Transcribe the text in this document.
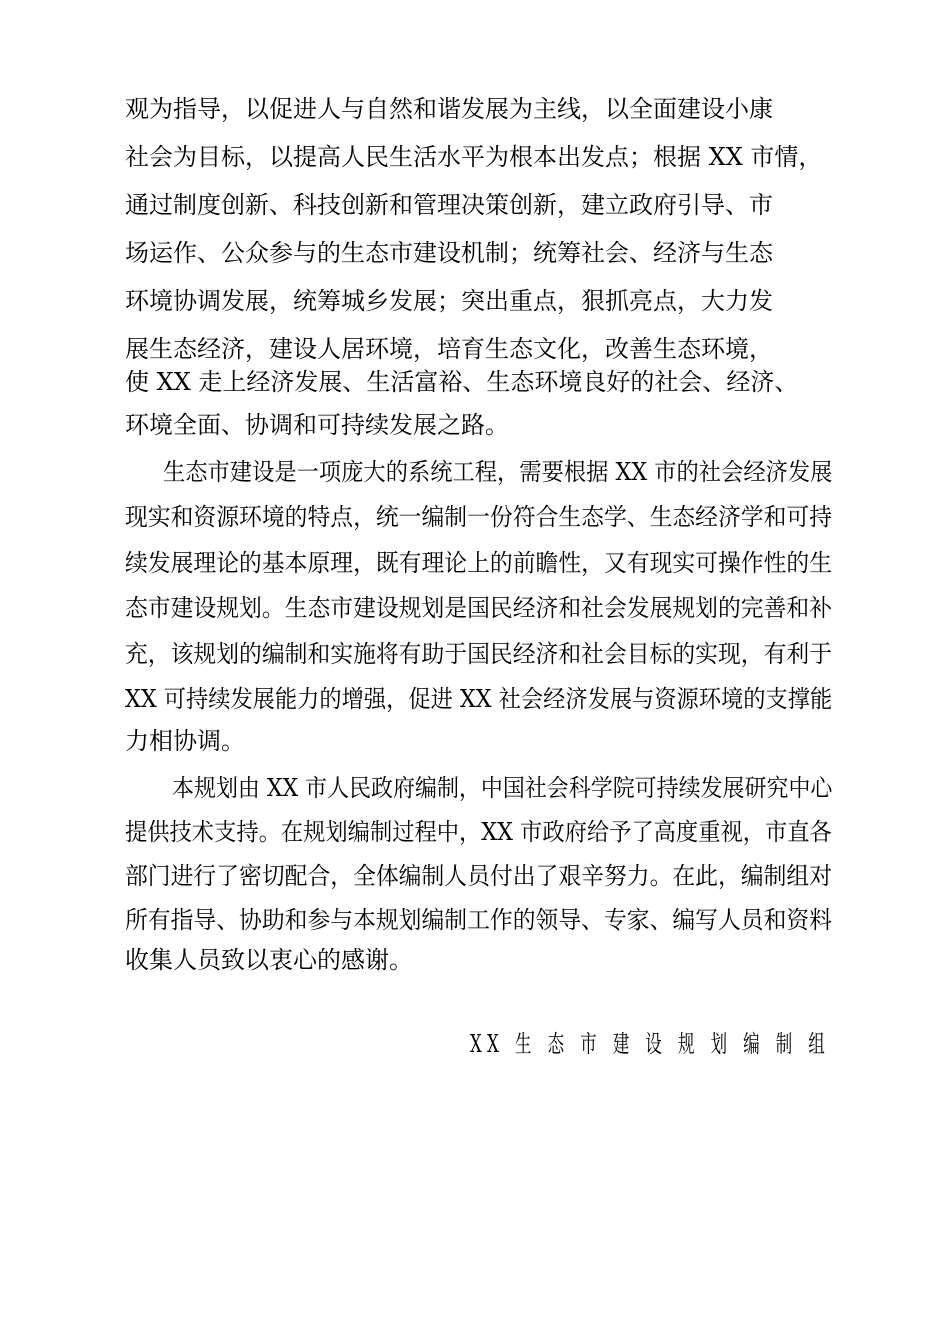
观为指导，以促进人与自然和谐发展为主线，以全面建设小康
社会为目标，以提高人民生活水平为根本出发点；根据 XX 市情，
通过制度创新、科技创新和管理决策创新，建立政府引导、市
场运作、公众参与的生态市建设机制；统筹社会、经济与生态
环境协调发展，统筹城乡发展；突出重点，狠抓亮点，大力发
展生态经济，建设人居环境，培育生态文化，改善生态环境，
使 XX 走上经济发展、生活富裕、生态环境良好的社会、经济、
环境全面、协调和可持续发展之路。
生态市建设是一项庞大的系统工程，需要根据 XX 市的社会经济发展
现实和资源环境的特点，统一编制一份符合生态学、生态经济学和可持
续发展理论的基本原理，既有理论上的前瞻性，又有现实可操作性的生
态市建设规划。生态市建设规划是国民经济和社会发展规划的完善和补
充，该规划的编制和实施将有助于国民经济和社会目标的实现，有利于
XX 可持续发展能力的增强，促进 XX 社会经济发展与资源环境的支撑能
力相协调。
本规划由 XX 市人民政府编制，中国社会科学院可持续发展研究中心
提供技术支持。在规划编制过程中，XX 市政府给予了高度重视，市直各
部门进行了密切配合，全体编制人员付出了艰辛努力。在此，编制组对
所有指导、协助和参与本规划编制工作的领导、专家、编写人员和资料
收集人员致以衷心的感谢。
XX 生 态 市 建 设 规 划 编 制 组
